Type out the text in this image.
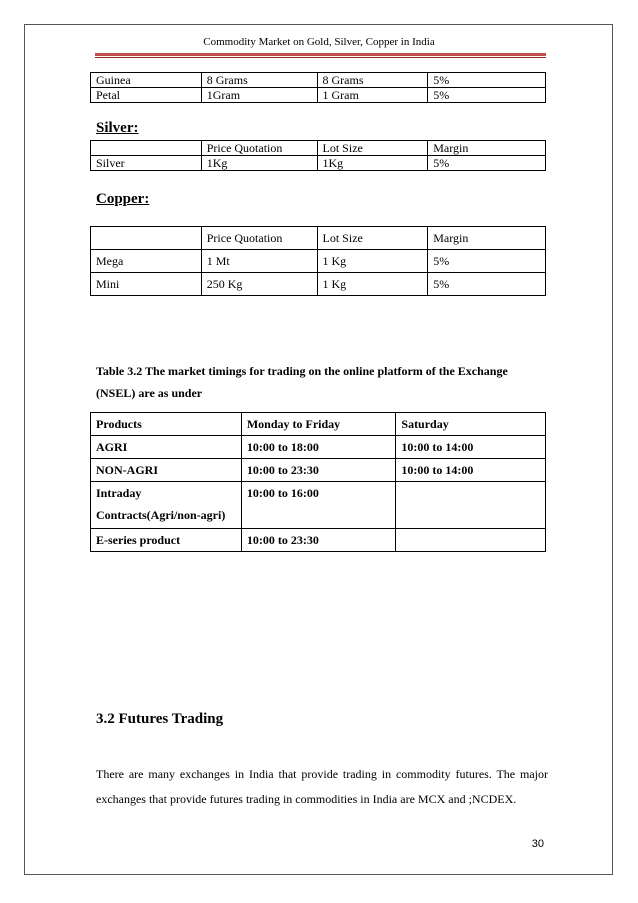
Commodity Market on Gold, Silver, Copper in India
Guinea	8 Grams	8 Grams	5%
Petal	1Gram	1 Gram	5%
Silver:
	Price Quotation	Lot Size	Margin
Silver	1Kg	1Kg	5%
Copper:
	Price Quotation	Lot Size	Margin
Mega	1 Mt	1 Kg	5%
Mini	250 Kg	1 Kg	5%
Table 3.2 The market timings for trading on the online platform of the Exchange (NSEL) are as under
Products	Monday to Friday	Saturday
AGRI	10:00 to 18:00	10:00 to 14:00
NON-AGRI	10:00 to 23:30	10:00 to 14:00
Intraday Contracts(Agri/non-agri)	10:00 to 16:00	
E-series product	10:00 to 23:30	
3.2 Futures Trading
There are many exchanges in India that provide trading in commodity futures. The major exchanges that provide futures trading in commodities in India are MCX and ;NCDEX.
30
